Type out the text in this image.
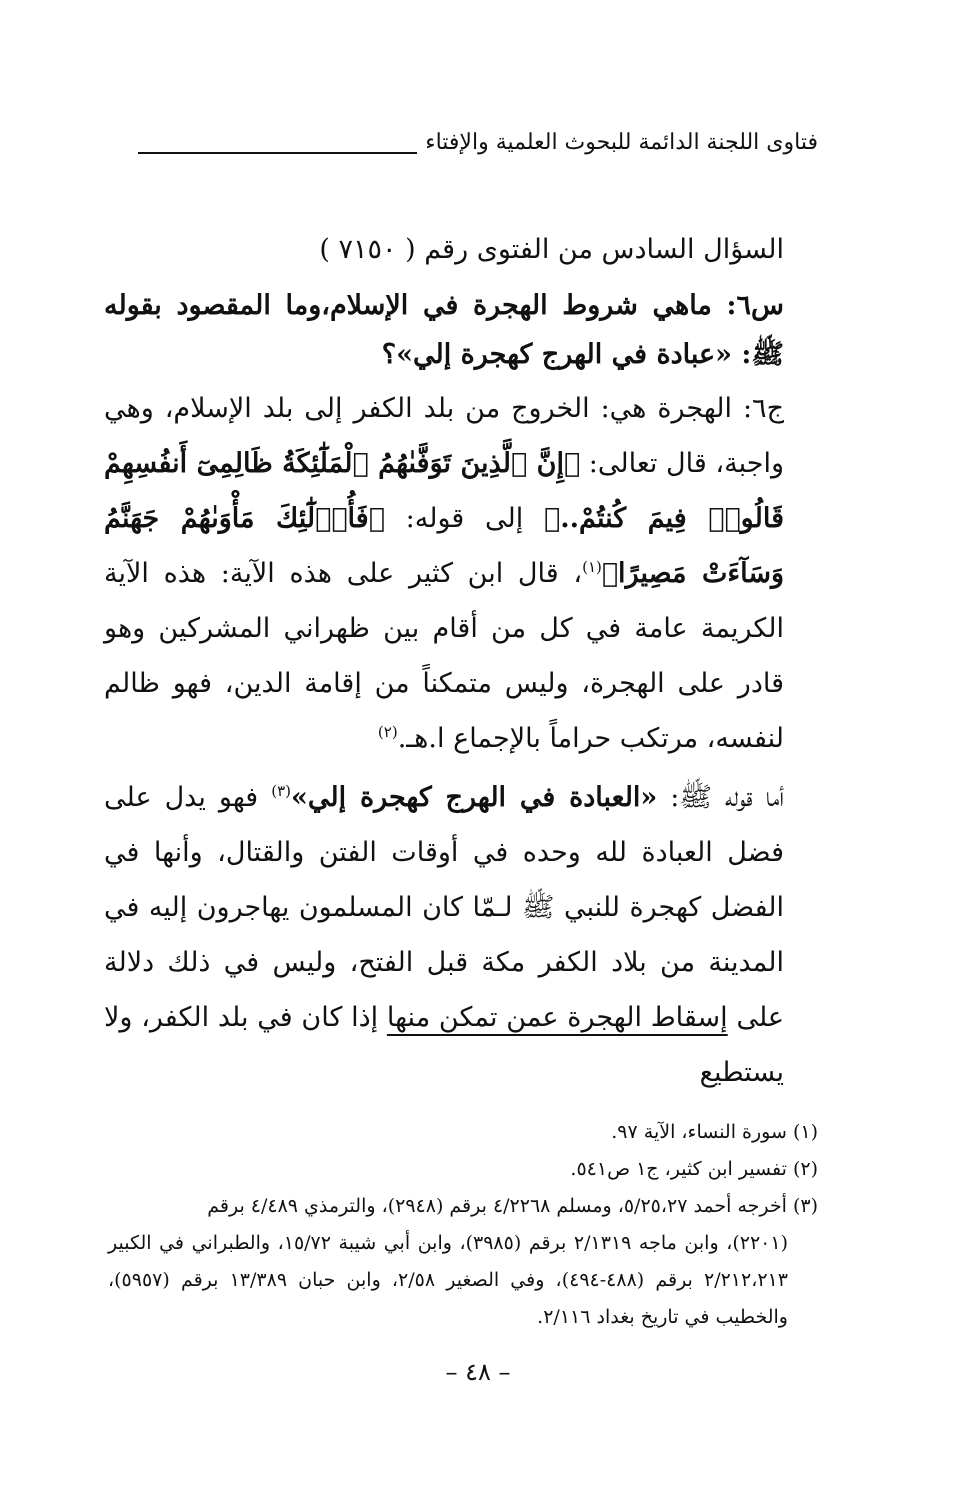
فتاوى اللجنة الدائمة للبحوث العلمية والإفتاء

السؤال السادس من الفتوى رقم ( ٧١٥٠ )

س٦: ماهي شروط الهجرة في الإسلام،وما المقصود بقوله ﷺ: «عبادة في الهرج كهجرة إلي»؟

ج٦: الهجرة هي: الخروج من بلد الكفر إلى بلد الإسلام، وهي واجبة، قال تعالى: ﴿إِنَّ ٱلَّذِينَ تَوَفَّىٰهُمُ ٱلْمَلَٰٓئِكَةُ ظَالِمِىٓ أَنفُسِهِمْ قَالُوا۟ فِيمَ كُنتُمْ..﴾ إلى قوله: ﴿فَأُو۟لَٰٓئِكَ مَأْوَىٰهُمْ جَهَنَّمُ وَسَآءَتْ مَصِيرًا﴾$^{(١)}$، قال ابن كثير على هذه الآية: هذه الآية الكريمة عامة في كل من أقام بين ظهراني المشركين وهو قادر على الهجرة، وليس متمكناً من إقامة الدين، فهو ظالم لنفسه، مرتكب حراماً بالإجماع ا.هـ.$^{(٢)}$

أما قوله ﷺ: «العبادة في الهرج كهجرة إلي»$^{(٣)}$ فهو يدل على فضل العبادة لله وحده في أوقات الفتن والقتال، وأنها في الفضل كهجرة للنبي ﷺ لـمّا كان المسلمون يهاجرون إليه في المدينة من بلاد الكفر مكة قبل الفتح، وليس في ذلك دلالة على إسقاط الهجرة عمن تمكن منها إذا كان في بلد الكفر، ولا يستطيع

(١) سورة النساء، الآية ٩٧.

(٢) تفسير ابن كثير، ج١ ص٥٤١.

(٣) أخرجه أحمد ٥/٢٥،٢٧، ومسلم ٤/٢٢٦٨ برقم (٢٩٤٨)، والترمذي ٤/٤٨٩ برقم
(٢٢٠١)، وابن ماجه ٢/١٣١٩ برقم (٣٩٨٥)، وابن أبي شيبة ١٥/٧٢، والطبراني في الكبير ٢/٢١٢،٢١٣ برقم (٤٨٨-٤٩٤)، وفي الصغير ٢/٥٨، وابن حبان ١٣/٣٨٩ برقم (٥٩٥٧)، والخطيب في تاريخ بغداد ٢/١١٦.

– ٤٨ –
